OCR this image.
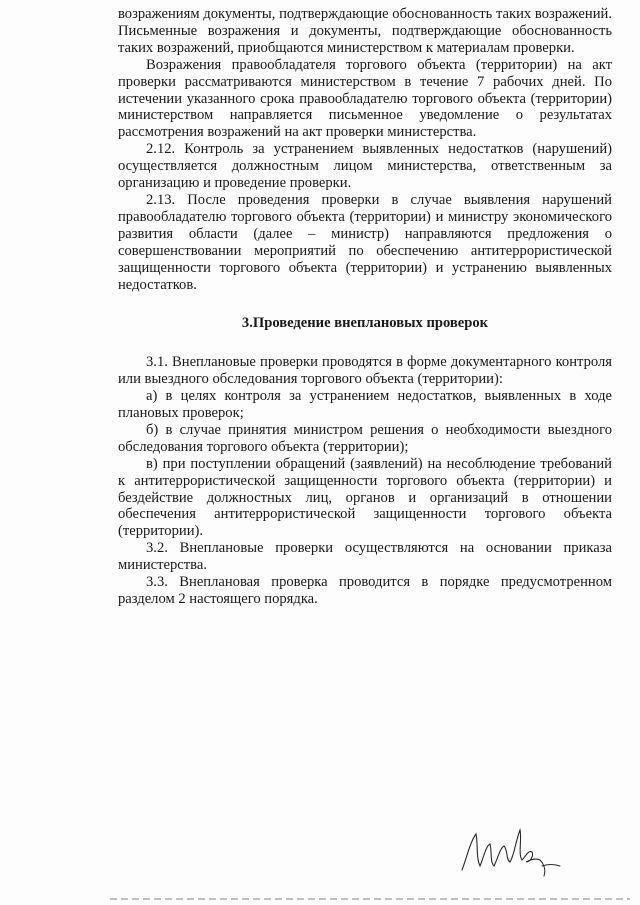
возражениям документы, подтверждающие обоснованность таких возражений. Письменные возражения и документы, подтверждающие обоснованность таких возражений, приобщаются министерством к материалам проверки.

Возражения правообладателя торгового объекта (территории) на акт проверки рассматриваются министерством в течение 7 рабочих дней. По истечении указанного срока правообладателю торгового объекта (территории) министерством направляется письменное уведомление о результатах рассмотрения возражений на акт проверки министерства.

2.12. Контроль за устранением выявленных недостатков (нарушений) осуществляется должностным лицом министерства, ответственным за организацию и проведение проверки.

2.13. После проведения проверки в случае выявления нарушений правообладателю торгового объекта (территории) и министру экономического развития области (далее – министр) направляются предложения о совершенствовании мероприятий по обеспечению антитеррористической защищенности торгового объекта (территории) и устранению выявленных недостатков.

3.Проведение внеплановых проверок

3.1. Внеплановые проверки проводятся в форме документарного контроля или выездного обследования торгового объекта (территории):

а) в целях контроля за устранением недостатков, выявленных в ходе плановых проверок;

б) в случае принятия министром решения о необходимости выездного обследования торгового объекта (территории);

в) при поступлении обращений (заявлений) на несоблюдение требований к антитеррористической защищенности торгового объекта (территории) и бездействие должностных лиц, органов и организаций в отношении обеспечения антитеррористической защищенности торгового объекта (территории).

3.2. Внеплановые проверки осуществляются на основании приказа министерства.

3.3. Внеплановая проверка проводится в порядке предусмотренном разделом 2 настоящего порядка.
